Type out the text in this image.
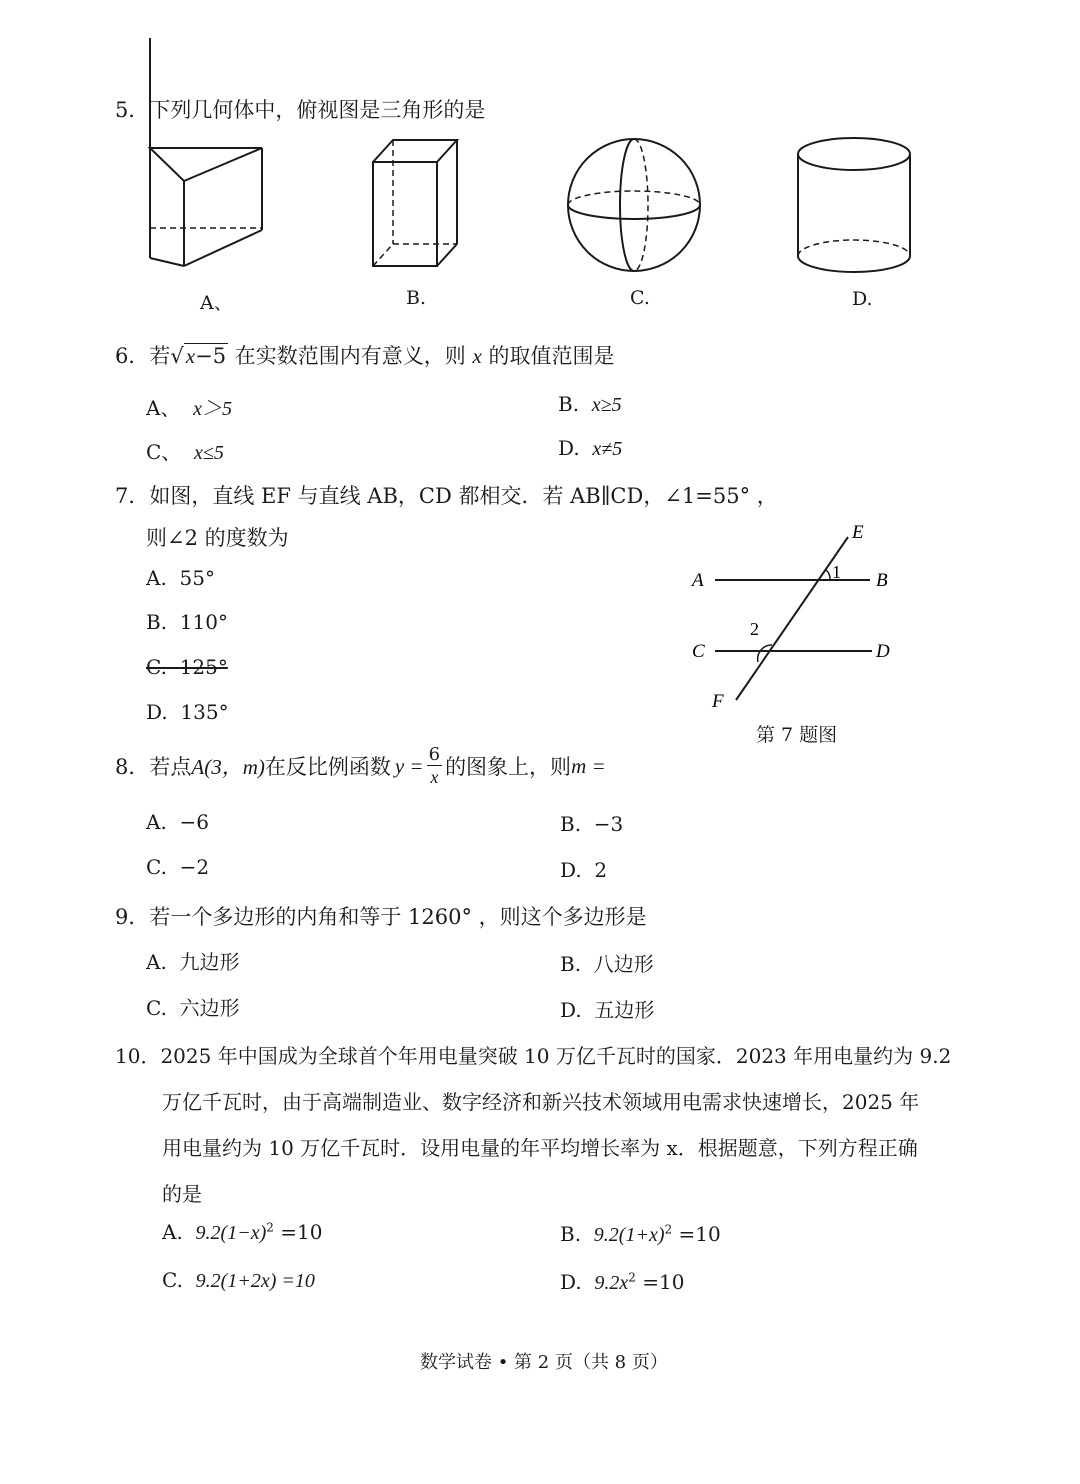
5．下列几何体中，俯视图是三角形的是
A、	B.	C.	D.
6．若√x−5 在实数范围内有意义，则 x 的取值范围是
A、 x＞5	B. x≥5
C、 x≤5	D. x≠5
7．如图，直线 EF 与直线 AB，CD 都相交．若 AB∥CD，∠1=55° ，
则∠2 的度数为
A. 55°
B. 110°
C. 125°
D. 135°
E
A	1 B
2
C	D
F
第 7 题图
8．若点 A(3，m) 在反比例函数 $y = \frac{6}{x}$ 的图象上，则 m =
A. −6	B. −3
C. −2	D. 2
9．若一个多边形的内角和等于 1260° ，则这个多边形是
A. 九边形	B. 八边形
C. 六边形	D. 五边形
10．2025 年中国成为全球首个年用电量突破 10 万亿千瓦时的国家．2023 年用电量约为 9.2
万亿千瓦时，由于高端制造业、数字经济和新兴技术领域用电需求快速增长，2025 年
用电量约为 10 万亿千瓦时．设用电量的年平均增长率为 x．根据题意，下列方程正确
的是
A. $9.2(1-x)^2 =10$	B. $9.2(1+x)^2 =10$
C. 9.2(1+2x) =10	D. $9.2x^2 =10$
数学试卷 • 第 2 页（共 8 页）
